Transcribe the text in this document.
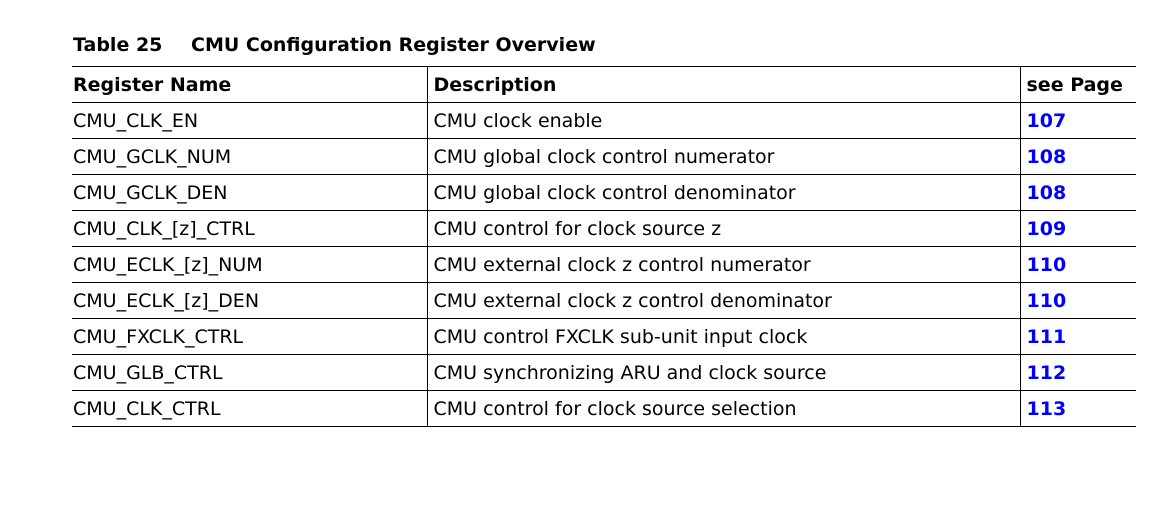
Table 25 CMU Configuration Register Overview
Register Name	Description	see Page
CMU_CLK_EN	CMU clock enable	107
CMU_GCLK_NUM	CMU global clock control numerator	108
CMU_GCLK_DEN	CMU global clock control denominator	108
CMU_CLK_[z]_CTRL	CMU control for clock source z	109
CMU_ECLK_[z]_NUM	CMU external clock z control numerator	110
CMU_ECLK_[z]_DEN	CMU external clock z control denominator	110
CMU_FXCLK_CTRL	CMU control FXCLK sub-unit input clock	111
CMU_GLB_CTRL	CMU synchronizing ARU and clock source	112
CMU_CLK_CTRL	CMU control for clock source selection	113
